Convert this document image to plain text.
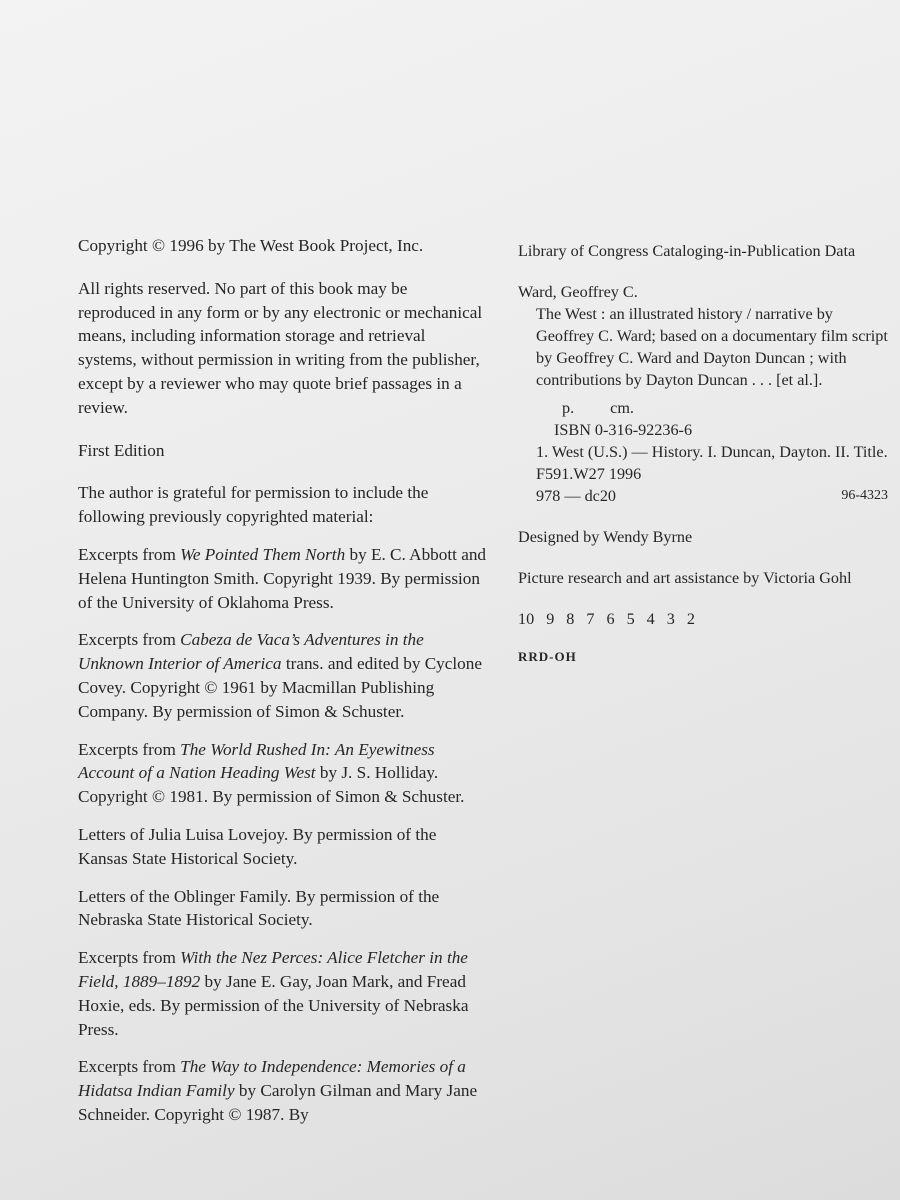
Copyright © 1996 by The West Book Project, Inc.

All rights reserved. No part of this book may be reproduced in any form or by any electronic or mechanical means, including information storage and retrieval systems, without permission in writing from the publisher, except by a reviewer who may quote brief passages in a review.

First Edition

The author is grateful for permission to include the following previously copyrighted material:

Excerpts from We Pointed Them North by E. C. Abbott and Helena Huntington Smith. Copyright 1939. By permission of the University of Oklahoma Press.

Excerpts from Cabeza de Vaca’s Adventures in the Unknown Interior of America trans. and edited by Cyclone Covey. Copyright © 1961 by Macmillan Publishing Company. By permission of Simon & Schuster.

Excerpts from The World Rushed In: An Eyewitness Account of a Nation Heading West by J. S. Holliday. Copyright © 1981. By permission of Simon & Schuster.

Letters of Julia Luisa Lovejoy. By permission of the Kansas State Historical Society.

Letters of the Oblinger Family. By permission of the Nebraska State Historical Society.

Excerpts from With the Nez Perces: Alice Fletcher in the Field, 1889–1892 by Jane E. Gay, Joan Mark, and Fread Hoxie, eds. By permission of the University of Nebraska Press.

Excerpts from The Way to Independence: Memories of a Hidatsa Indian Family by Carolyn Gilman and Mary Jane Schneider. Copyright © 1987. By

Library of Congress Cataloging-in-Publication Data

Ward, Geoffrey C.

The West : an illustrated history / narrative by Geoffrey C. Ward; based on a documentary film script by Geoffrey C. Ward and Dayton Duncan ; with contributions by Dayton Duncan . . . [et al.].

p. cm.

ISBN 0-316-92236-6

1. West (U.S.) — History. I. Duncan, Dayton. II. Title.

F591.W27 1996

978 — dc20	96-4323

Designed by Wendy Byrne

Picture research and art assistance by Victoria Gohl

10 9 8 7 6 5 4 3 2

RRD-OH
